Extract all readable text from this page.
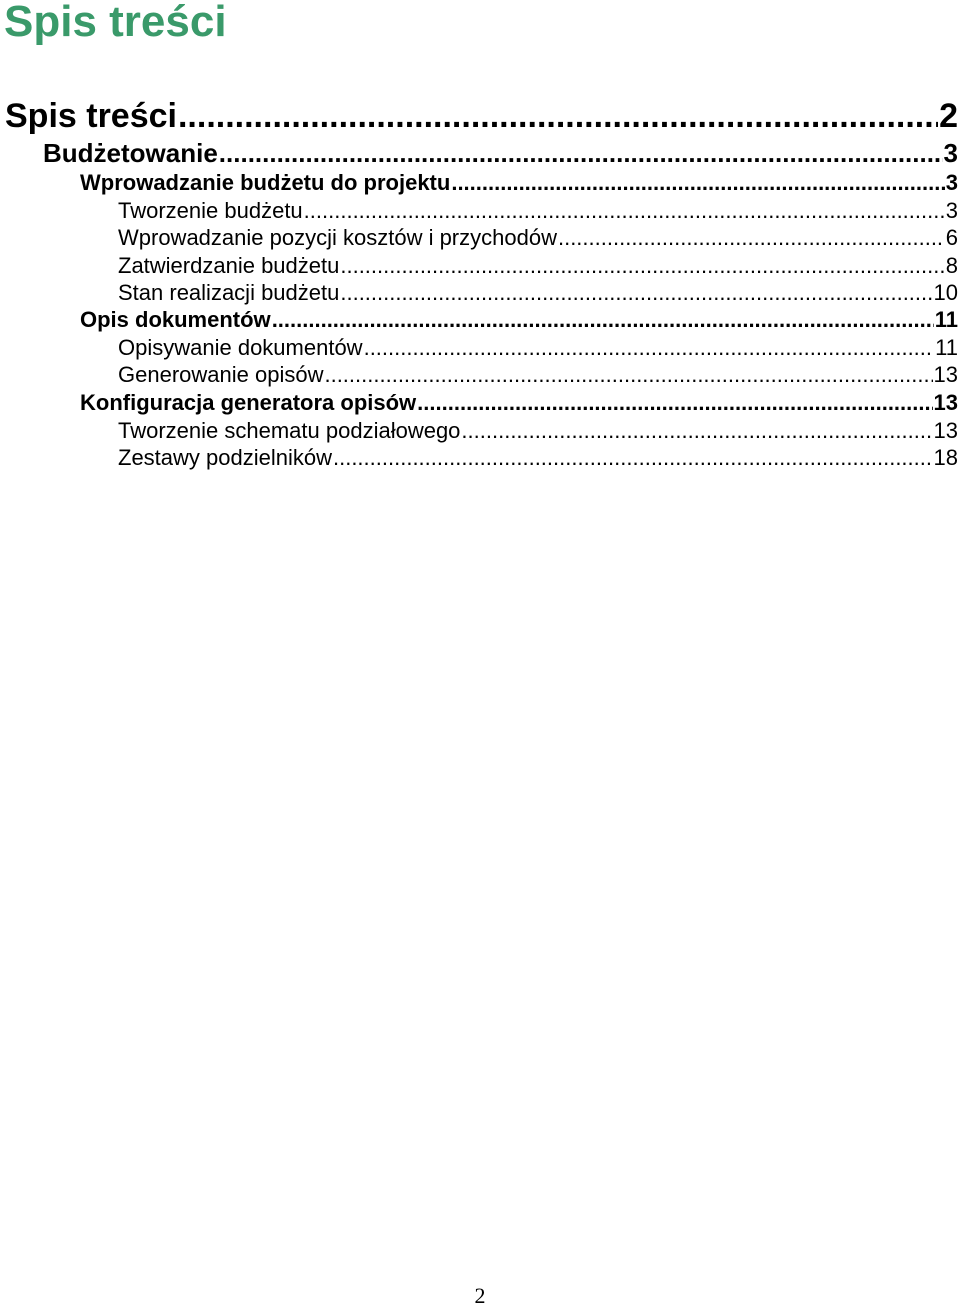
Spis treści
Spis treści .....	2
Budżetowanie .....	3
Wprowadzanie budżetu do projektu .....	3
Tworzenie budżetu .....	3
Wprowadzanie pozycji kosztów i przychodów .....	6
Zatwierdzanie budżetu .....	8
Stan realizacji budżetu .....	10
Opis dokumentów .....	11
Opisywanie dokumentów .....	11
Generowanie opisów .....	13
Konfiguracja generatora opisów .....	13
Tworzenie schematu podziałowego .....	13
Zestawy podzielników .....	18
2
